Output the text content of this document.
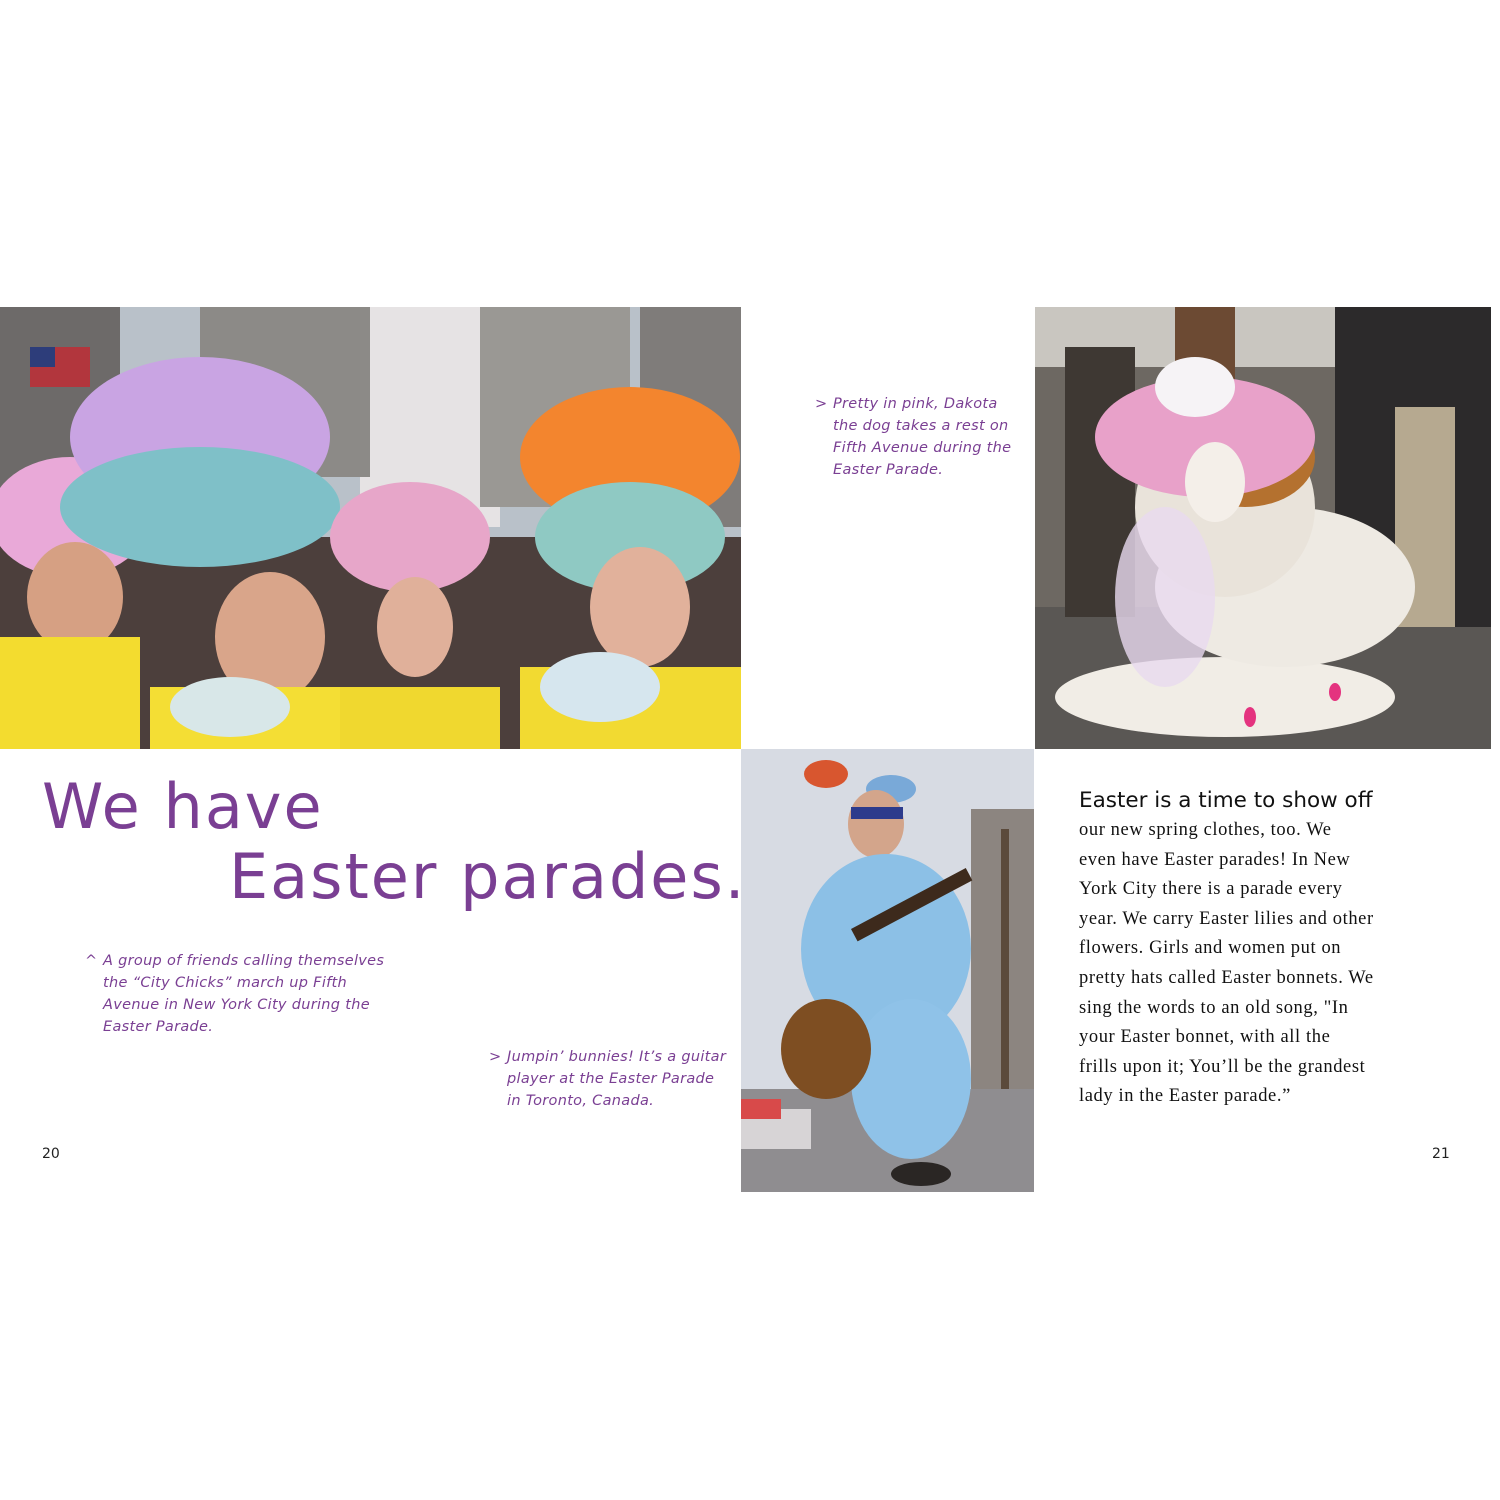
We have
Easter parades.
> Pretty in pink, Dakota
the dog takes a rest on
Fifth Avenue during the
Easter Parade.
^ A group of friends calling themselves
the “City Chicks” march up Fifth
Avenue in New York City during the
Easter Parade.
> Jumpin’ bunnies! It’s a guitar
player at the Easter Parade
in Toronto, Canada.
Easter is a time to show off
our new spring clothes, too. We
even have Easter parades! In New
York City there is a parade every
year. We carry Easter lilies and other
flowers. Girls and women put on
pretty hats called Easter bonnets. We
sing the words to an old song, "In
your Easter bonnet, with all the
frills upon it; You’ll be the grandest
lady in the Easter parade.”
20	21
